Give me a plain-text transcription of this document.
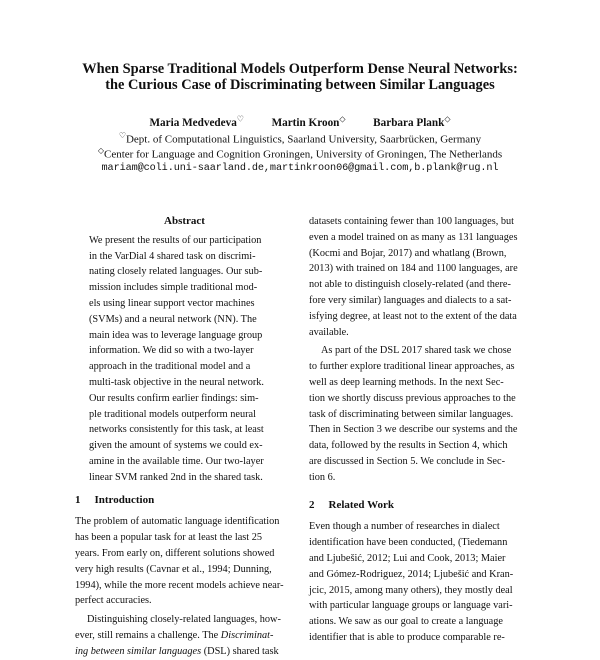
When Sparse Traditional Models Outperform Dense Neural Networks:
the Curious Case of Discriminating between Similar Languages
Maria Medvedeva♡ Martin Kroon◇ Barbara Plank◇
♡Dept. of Computational Linguistics, Saarland University, Saarbrücken, Germany
◇Center for Language and Cognition Groningen, University of Groningen, The Netherlands
mariam@coli.uni-saarland.de,martinkroon06@gmail.com,b.plank@rug.nl
Abstract
We present the results of our participation
in the VarDial 4 shared task on discrimi-
nating closely related languages. Our sub-
mission includes simple traditional mod-
els using linear support vector machines
(SVMs) and a neural network (NN). The
main idea was to leverage language group
information. We did so with a two-layer
approach in the traditional model and a
multi-task objective in the neural network.
Our results confirm earlier findings: sim-
ple traditional models outperform neural
networks consistently for this task, at least
given the amount of systems we could ex-
amine in the available time. Our two-layer
linear SVM ranked 2nd in the shared task.
1 Introduction
The problem of automatic language identification
has been a popular task for at least the last 25
years. From early on, different solutions showed
very high results (Cavnar et al., 1994; Dunning,
1994), while the more recent models achieve near-
perfect accuracies.
Distinguishing closely-related languages, how-
ever, still remains a challenge. The Discriminat-
ing between similar languages (DSL) shared task
datasets containing fewer than 100 languages, but
even a model trained on as many as 131 languages
(Kocmi and Bojar, 2017) and whatlang (Brown,
2013) with trained on 184 and 1100 languages, are
not able to distinguish closely-related (and there-
fore very similar) languages and dialects to a sat-
isfying degree, at least not to the extent of the data
available.
As part of the DSL 2017 shared task we chose
to further explore traditional linear approaches, as
well as deep learning methods. In the next Sec-
tion we shortly discuss previous approaches to the
task of discriminating between similar languages.
Then in Section 3 we describe our systems and the
data, followed by the results in Section 4, which
are discussed in Section 5. We conclude in Sec-
tion 6.
2 Related Work
Even though a number of researches in dialect
identification have been conducted, (Tiedemann
and Ljubešić, 2012; Lui and Cook, 2013; Maier
and Gómez-Rodriguez, 2014; Ljubešić and Kran-
jcic, 2015, among many others), they mostly deal
with particular language groups or language vari-
ations. We saw as our goal to create a language
identifier that is able to produce comparable re-
